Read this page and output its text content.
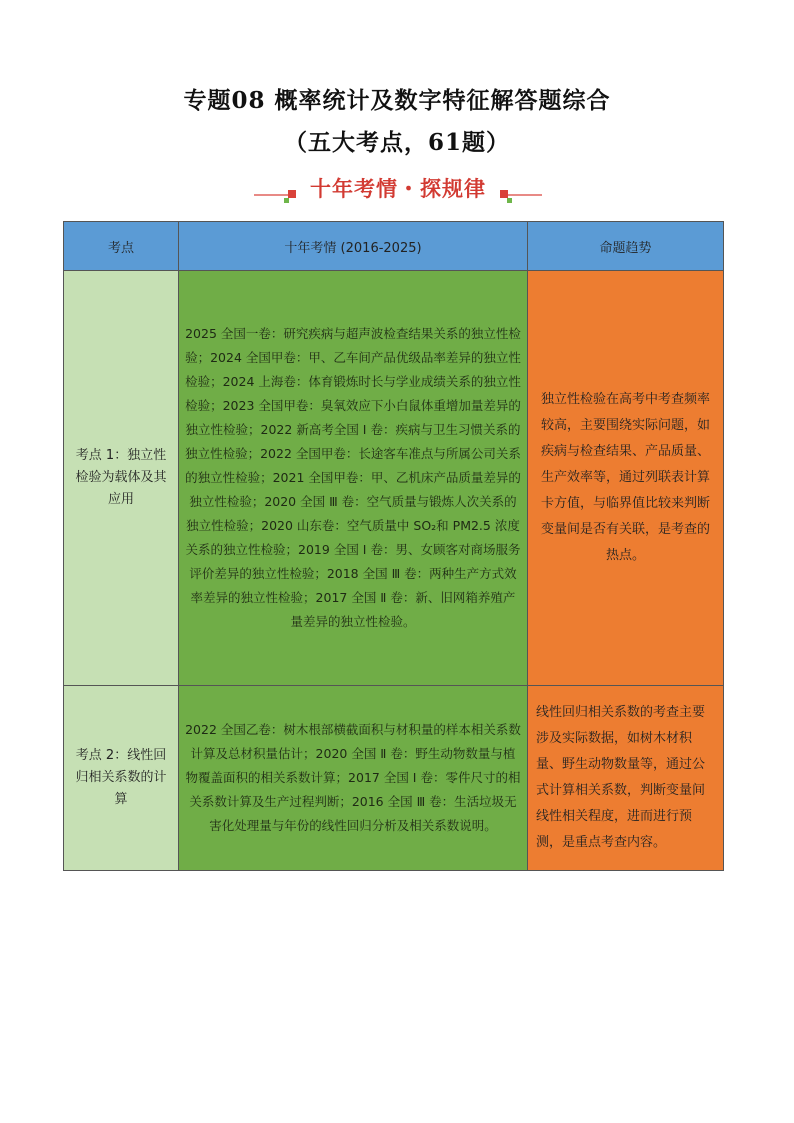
专题08 概率统计及数字特征解答题综合
（五大考点，61题）
十年考情・探规律
考点	十年考情 (2016-2025)	命题趋势
考点 1：独立性检验为载体及其应用	2025 全国一卷：研究疾病与超声波检查结果关系的独立性检验；2024 全国甲卷：甲、乙车间产品优级品率差异的独立性检验；2024 上海卷：体育锻炼时长与学业成绩关系的独立性检验；2023 全国甲卷：臭氧效应下小白鼠体重增加量差异的独立性检验；2022 新高考全国 Ⅰ 卷：疾病与卫生习惯关系的独立性检验；2022 全国甲卷：长途客车准点与所属公司关系的独立性检验；2021 全国甲卷：甲、乙机床产品质量差异的独立性检验；2020 全国 Ⅲ 卷：空气质量与锻炼人次关系的独立性检验；2020 山东卷：空气质量中 SO₂和 PM2.5 浓度关系的独立性检验；2019 全国 Ⅰ 卷：男、女顾客对商场服务评价差异的独立性检验；2018 全国 Ⅲ 卷：两种生产方式效率差异的独立性检验；2017 全国 Ⅱ 卷：新、旧网箱养殖产量差异的独立性检验。	独立性检验在高考中考查频率较高，主要围绕实际问题，如疾病与检查结果、产品质量、生产效率等，通过列联表计算卡方值，与临界值比较来判断变量间是否有关联，是考查的热点。
考点 2：线性回归相关系数的计算	2022 全国乙卷：树木根部横截面积与材积量的样本相关系数计算及总材积量估计；2020 全国 Ⅱ 卷：野生动物数量与植物覆盖面积的相关系数计算；2017 全国 Ⅰ 卷：零件尺寸的相关系数计算及生产过程判断；2016 全国 Ⅲ 卷：生活垃圾无害化处理量与年份的线性回归分析及相关系数说明。	线性回归相关系数的考查主要涉及实际数据，如树木材积量、野生动物数量等，通过公式计算相关系数，判断变量间线性相关程度，进而进行预测，是重点考查内容。
